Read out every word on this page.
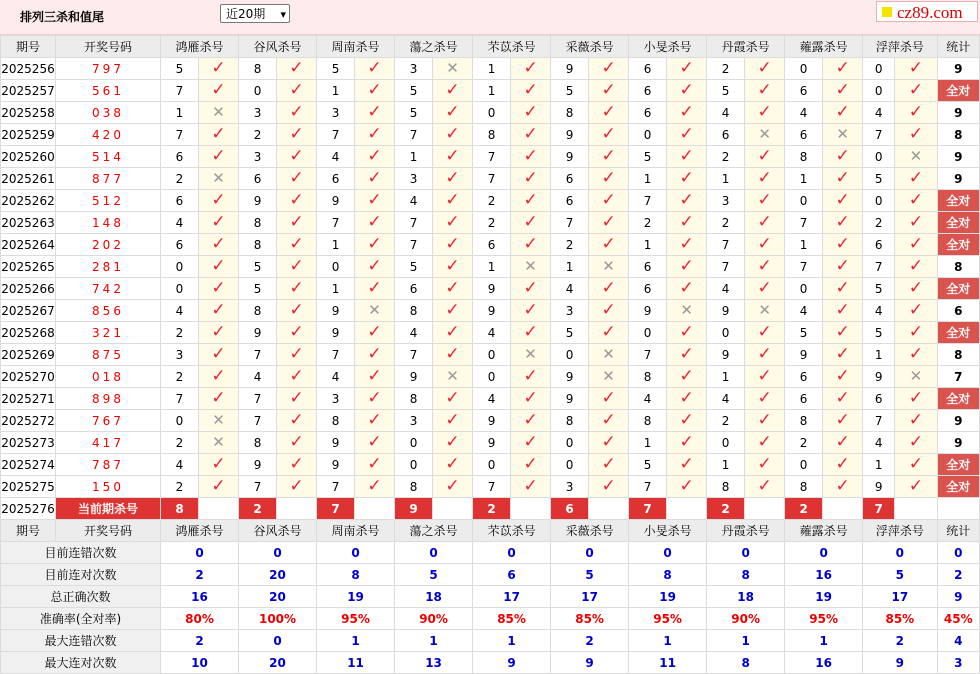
排列三杀和值尾	近20期 ▾	cz89.com
期号	开奖号码	鸿雁杀号		谷风杀号		周南杀号		蕩之杀号		芣苡杀号		采薇杀号		小旻杀号		丹霞杀号		蕹露杀号		浮萍杀号		统计
2025256	797	5	✓	8	✓	5	✓	3	✕	1	✓	9	✓	6	✓	2	✓	0	✓	0	✓	9
2025257	561	7	✓	0	✓	1	✓	5	✓	1	✓	5	✓	6	✓	5	✓	6	✓	0	✓	全对
2025258	038	1	✕	3	✓	3	✓	5	✓	0	✓	8	✓	6	✓	4	✓	4	✓	4	✓	9
2025259	420	7	✓	2	✓	7	✓	7	✓	8	✓	9	✓	0	✓	6	✕	6	✕	7	✓	8
2025260	514	6	✓	3	✓	4	✓	1	✓	7	✓	9	✓	5	✓	2	✓	8	✓	0	✕	9
2025261	877	2	✕	6	✓	6	✓	3	✓	7	✓	6	✓	1	✓	1	✓	1	✓	5	✓	9
2025262	512	6	✓	9	✓	9	✓	4	✓	2	✓	6	✓	7	✓	3	✓	0	✓	0	✓	全对
2025263	148	4	✓	8	✓	7	✓	7	✓	2	✓	7	✓	2	✓	2	✓	7	✓	2	✓	全对
2025264	202	6	✓	8	✓	1	✓	7	✓	6	✓	2	✓	1	✓	7	✓	1	✓	6	✓	全对
2025265	281	0	✓	5	✓	0	✓	5	✓	1	✕	1	✕	6	✓	7	✓	7	✓	7	✓	8
2025266	742	0	✓	5	✓	1	✓	6	✓	9	✓	4	✓	6	✓	4	✓	0	✓	5	✓	全对
2025267	856	4	✓	8	✓	9	✕	8	✓	9	✓	3	✓	9	✕	9	✕	4	✓	4	✓	6
2025268	321	2	✓	9	✓	9	✓	4	✓	4	✓	5	✓	0	✓	0	✓	5	✓	5	✓	全对
2025269	875	3	✓	7	✓	7	✓	7	✓	0	✕	0	✕	7	✓	9	✓	9	✓	1	✓	8
2025270	018	2	✓	4	✓	4	✓	9	✕	0	✓	9	✕	8	✓	1	✓	6	✓	9	✕	7
2025271	898	7	✓	7	✓	3	✓	8	✓	4	✓	9	✓	4	✓	4	✓	6	✓	6	✓	全对
2025272	767	0	✕	7	✓	8	✓	3	✓	9	✓	8	✓	8	✓	2	✓	8	✓	7	✓	9
2025273	417	2	✕	8	✓	9	✓	0	✓	9	✓	0	✓	1	✓	0	✓	2	✓	4	✓	9
2025274	787	4	✓	9	✓	9	✓	0	✓	0	✓	0	✓	5	✓	1	✓	0	✓	1	✓	全对
2025275	150	2	✓	7	✓	7	✓	8	✓	7	✓	3	✓	7	✓	8	✓	8	✓	9	✓	全对
2025276	当前期杀号	8		2		7		9		2		6		7		2		2		7		
期号	开奖号码	鸿雁杀号		谷风杀号		周南杀号		蕩之杀号		芣苡杀号		采薇杀号		小旻杀号		丹霞杀号		蕹露杀号		浮萍杀号		统计
目前连错次数		0		0		0		0		0		0		0		0		0		0		0
目前连对次数		2		20		8		5		6		5		8		8		16		5		2
总正确次数		16		20		19		18		17		17		19		18		19		17		9
准确率(全对率)		80%		100%		95%		90%		85%		85%		95%		90%		95%		85%		45%
最大连错次数		2		0		1		1		1		2		1		1		1		2		4
最大连对次数		10		20		11		13		9		9		11		8		16		9		3
